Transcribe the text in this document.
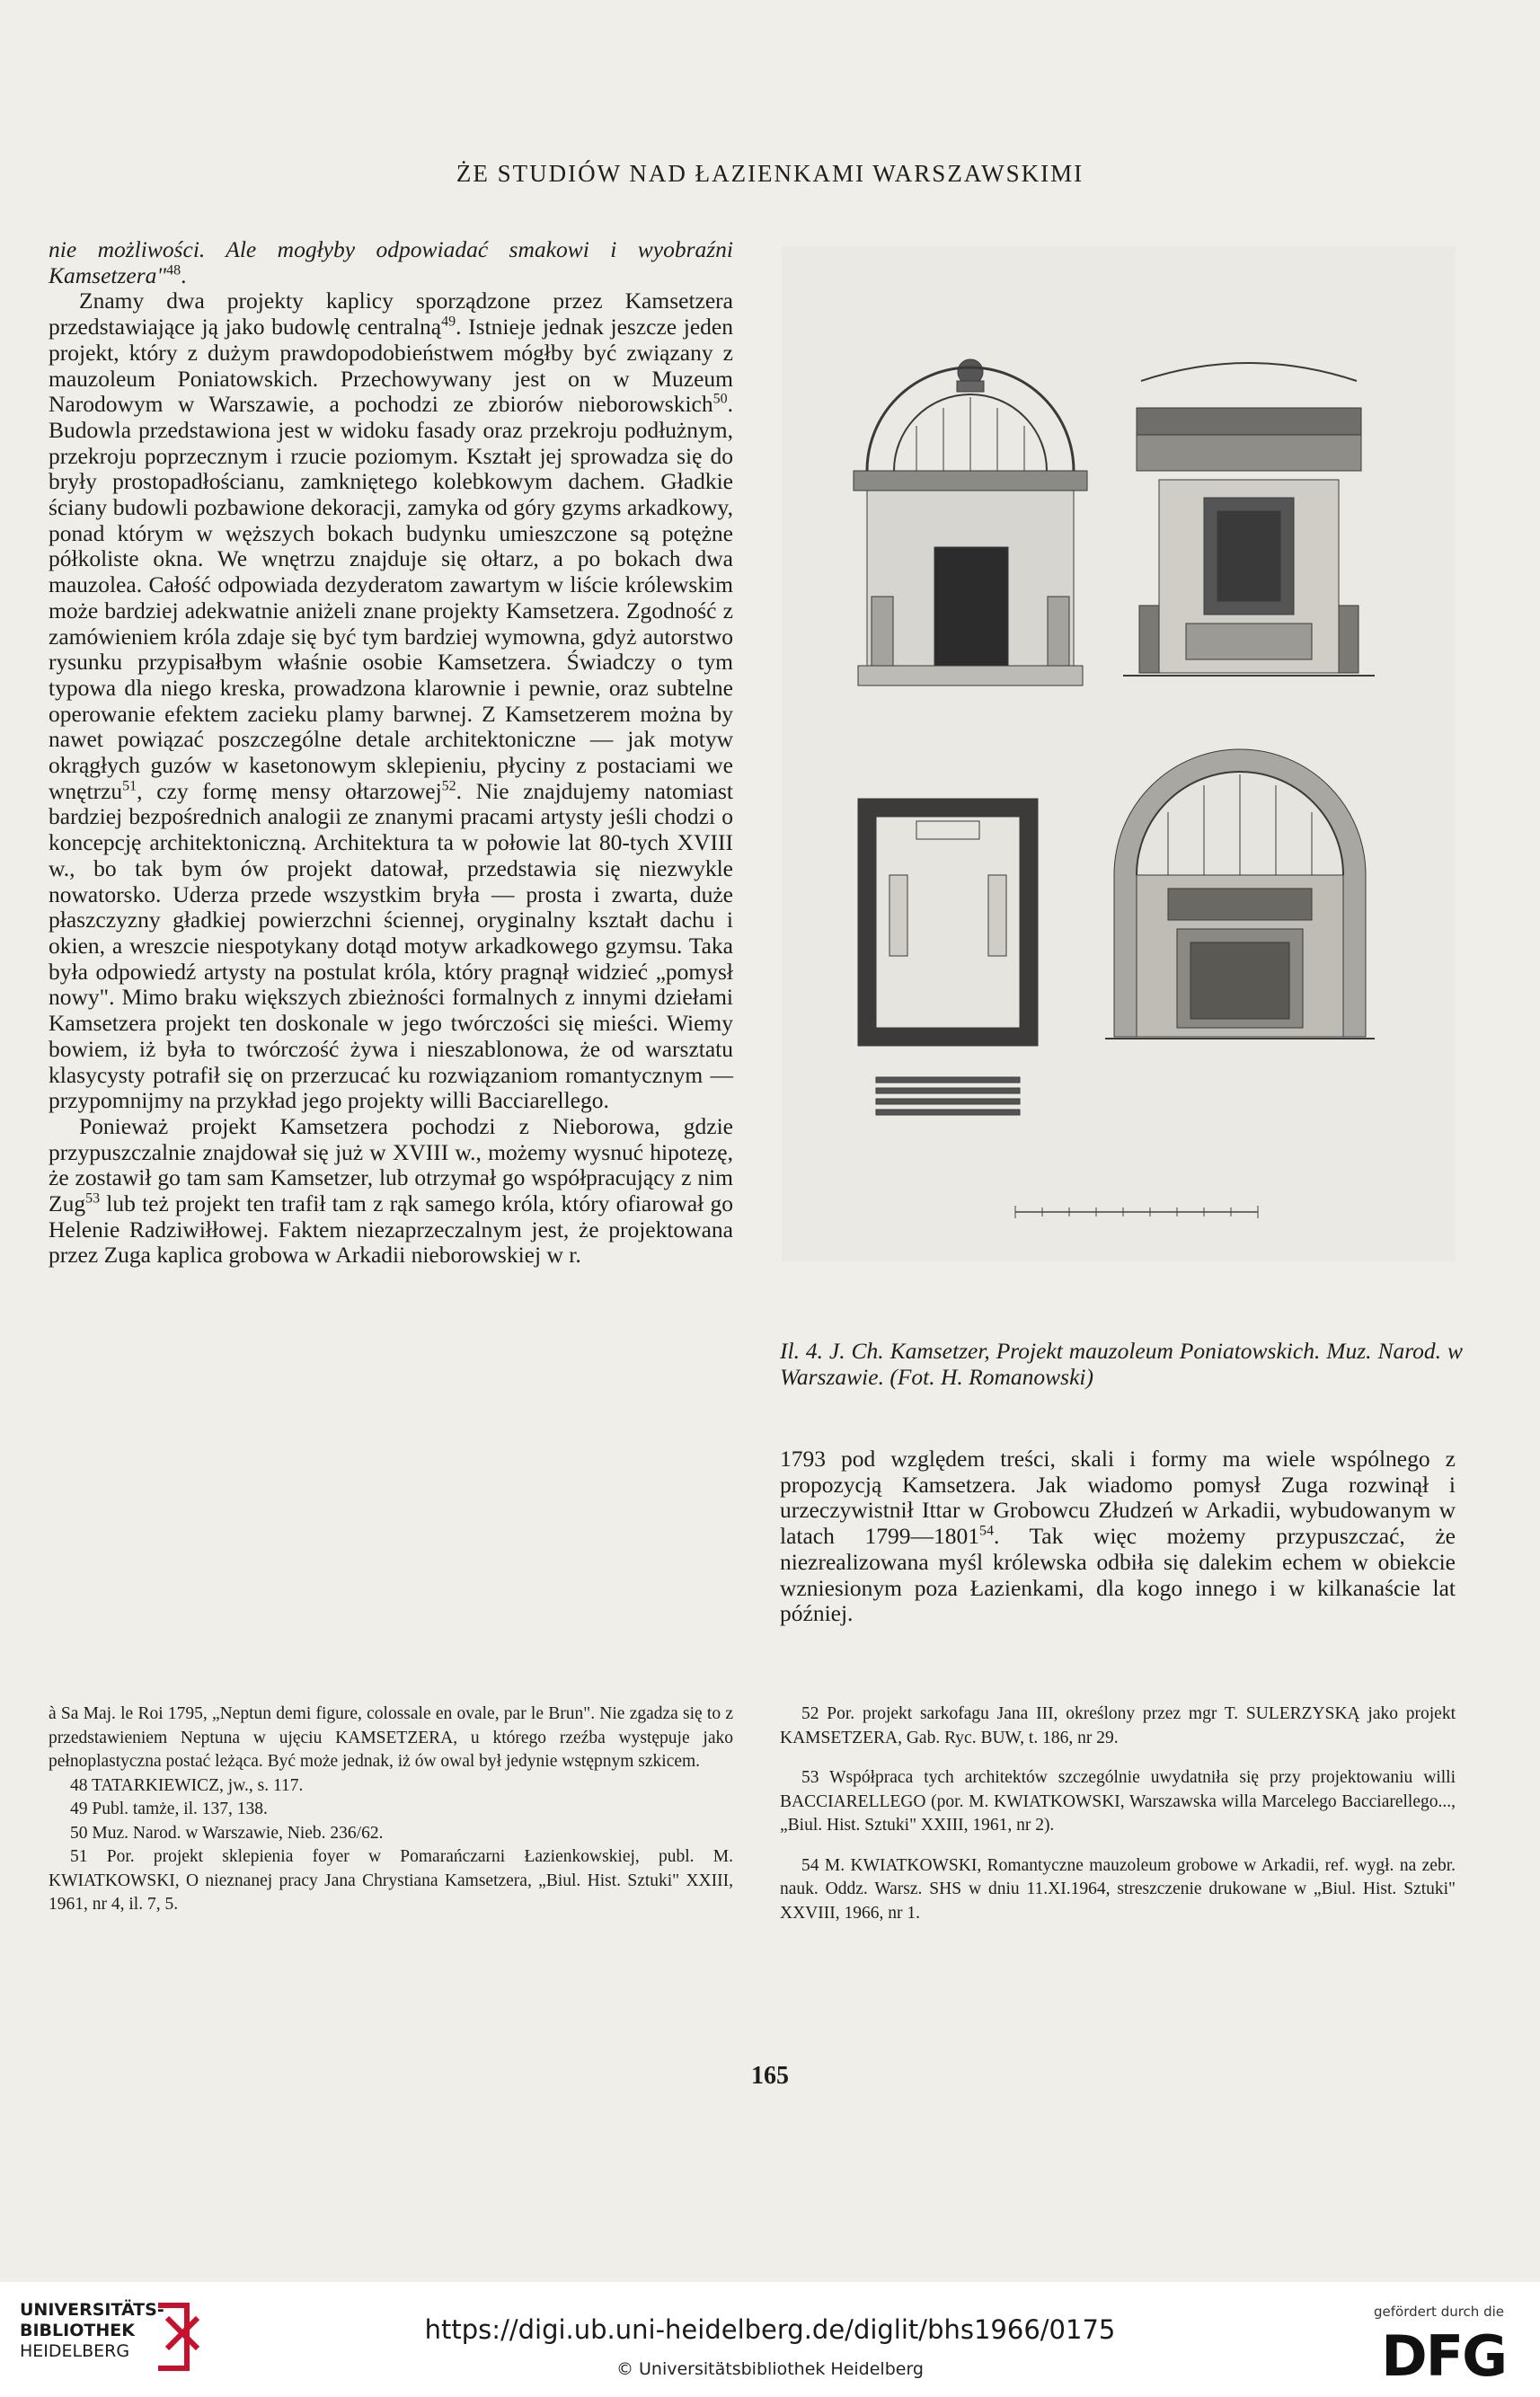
ŻE STUDIÓW NAD ŁAZIENKAMI WARSZAWSKIMI

nie możliwości. Ale mogłyby odpowiadać smakowi i wyobraźni Kamsetzera"$^{48}$.

Znamy dwa projekty kaplicy sporządzone przez Kamsetzera przedstawiające ją jako budowlę centralną$^{49}$. Istnieje jednak jeszcze jeden projekt, który z dużym prawdopodobieństwem mógłby być związany z mauzoleum Poniatowskich. Przechowywany jest on w Muzeum Narodowym w Warszawie, a pochodzi ze zbiorów nieborowskich$^{50}$. Budowla przedstawiona jest w widoku fasady oraz przekroju podłużnym, przekroju poprzecznym i rzucie poziomym. Kształt jej sprowadza się do bryły prostopadłościanu, zamkniętego kolebkowym dachem. Gładkie ściany budowli pozbawione dekoracji, zamyka od góry gzyms arkadkowy, ponad którym w węższych bokach budynku umieszczone są potężne półkoliste okna. We wnętrzu znajduje się ołtarz, a po bokach dwa mauzolea. Całość odpowiada dezyderatom zawartym w liście królewskim może bardziej adekwatnie aniżeli znane projekty Kamsetzera. Zgodność z zamówieniem króla zdaje się być tym bardziej wymowna, gdyż autorstwo rysunku przypisałbym właśnie osobie Kamsetzera. Świadczy o tym typowa dla niego kreska, prowadzona klarownie i pewnie, oraz subtelne operowanie efektem zacieku plamy barwnej. Z Kamsetzerem można by nawet powiązać poszczególne detale architektoniczne — jak motyw okrągłych guzów w kasetonowym sklepieniu, płyciny z postaciami we wnętrzu$^{51}$, czy formę mensy ołtarzowej$^{52}$. Nie znajdujemy natomiast bardziej bezpośrednich analogii ze znanymi pracami artysty jeśli chodzi o koncepcję architektoniczną. Architektura ta w połowie lat 80-tych XVIII w., bo tak bym ów projekt datował, przedstawia się niezwykle nowatorsko. Uderza przede wszystkim bryła — prosta i zwarta, duże płaszczyzny gładkiej powierzchni ściennej, oryginalny kształt dachu i okien, a wreszcie niespotykany dotąd motyw arkadkowego gzymsu. Taka była odpowiedź artysty na postulat króla, który pragnął widzieć „pomysł nowy". Mimo braku większych zbieżności formalnych z innymi dziełami Kamsetzera projekt ten doskonale w jego twórczości się mieści. Wiemy bowiem, iż była to twórczość żywa i nieszablonowa, że od warsztatu klasycysty potrafił się on przerzucać ku rozwiązaniom romantycznym — przypomnijmy na przykład jego projekty willi Bacciarellego.

Ponieważ projekt Kamsetzera pochodzi z Nieborowa, gdzie przypuszczalnie znajdował się już w XVIII w., możemy wysnuć hipotezę, że zostawił go tam sam Kamsetzer, lub otrzymał go współpracujący z nim Zug$^{53}$ lub też projekt ten trafił tam z rąk samego króla, który ofiarował go Helenie Radziwiłłowej. Faktem niezaprzeczalnym jest, że projektowana przez Zuga kaplica grobowa w Arkadii nieborowskiej w r.

Il. 4. J. Ch. Kamsetzer, Projekt mauzoleum Poniatowskich. Muz. Narod. w Warszawie. (Fot. H. Romanowski)

1793 pod względem treści, skali i formy ma wiele wspólnego z propozycją Kamsetzera. Jak wiadomo pomysł Zuga rozwinął i urzeczywistnił Ittar w Grobowcu Złudzeń w Arkadii, wybudowanym w latach 1799—1801$^{54}$. Tak więc możemy przypuszczać, że niezrealizowana myśl królewska odbiła się dalekim echem w obiekcie wzniesionym poza Łazienkami, dla kogo innego i w kilkanaście lat później.

à Sa Maj. le Roi 1795, „Neptun demi figure, colossale en ovale, par le Brun". Nie zgadza się to z przedstawieniem Neptuna w ujęciu KAMSETZERA, u którego rzeźba występuje jako pełnoplastyczna postać leżąca. Być może jednak, iż ów owal był jedynie wstępnym szkicem.

48 TATARKIEWICZ, jw., s. 117.

49 Publ. tamże, il. 137, 138.

50 Muz. Narod. w Warszawie, Nieb. 236/62.

51 Por. projekt sklepienia foyer w Pomarańczarni Łazienkowskiej, publ. M. KWIATKOWSKI, O nieznanej pracy Jana Chrystiana Kamsetzera, „Biul. Hist. Sztuki" XXIII, 1961, nr 4, il. 7, 5.

52 Por. projekt sarkofagu Jana III, określony przez mgr T. SULERZYSKĄ jako projekt KAMSETZERA, Gab. Ryc. BUW, t. 186, nr 29.

53 Współpraca tych architektów szczególnie uwydatniła się przy projektowaniu willi BACCIARELLEGO (por. M. KWIATKOWSKI, Warszawska willa Marcelego Bacciarellego..., „Biul. Hist. Sztuki" XXIII, 1961, nr 2).

54 M. KWIATKOWSKI, Romantyczne mauzoleum grobowe w Arkadii, ref. wygł. na zebr. nauk. Oddz. Warsz. SHS w dniu 11.XI.1964, streszczenie drukowane w „Biul. Hist. Sztuki" XXVIII, 1966, nr 1.

165
UNIVERSITÄTS-
BIBLIOTHEK
HEIDELBERG
https://digi.ub.uni-heidelberg.de/diglit/bhs1966/0175
© Universitätsbibliothek Heidelberg
gefördert durch die
DFG
